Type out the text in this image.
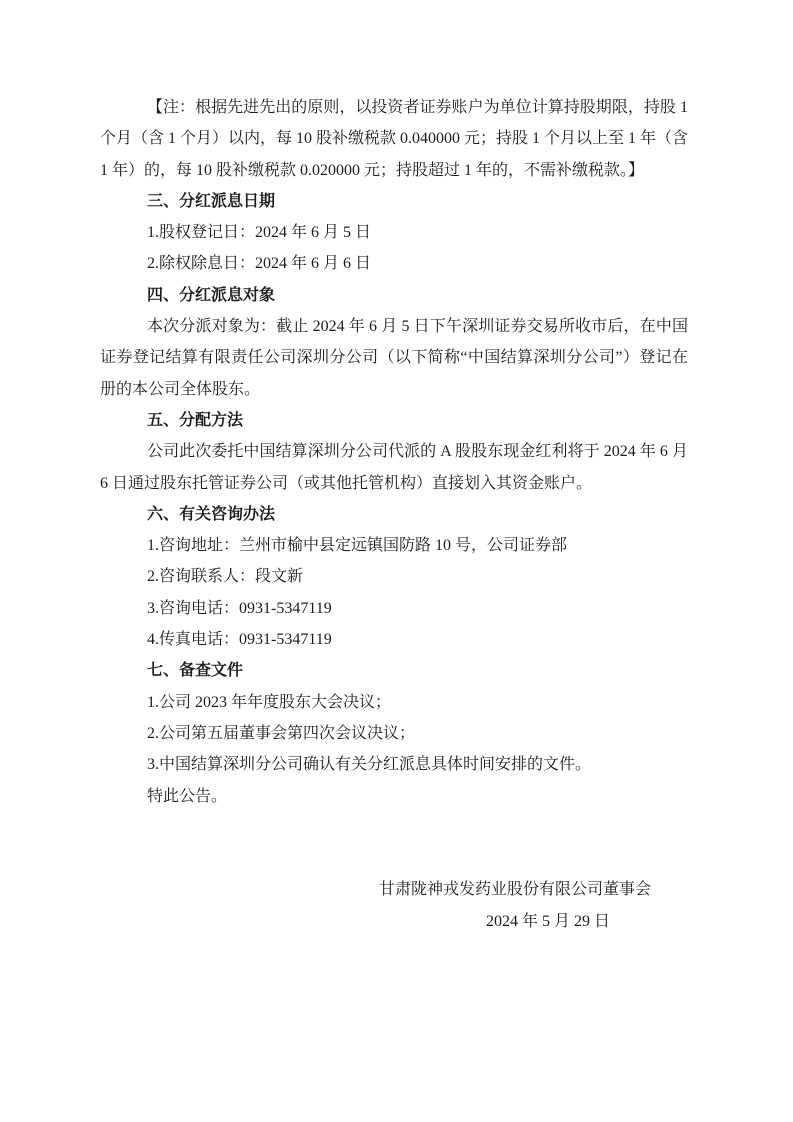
【注：根据先进先出的原则，以投资者证券账户为单位计算持股期限，持股 1 个月（含 1 个月）以内，每 10 股补缴税款 0.040000 元；持股 1 个月以上至 1 年（含 1 年）的，每 10 股补缴税款 0.020000 元；持股超过 1 年的，不需补缴税款。】

三、分红派息日期

1.股权登记日：2024 年 6 月 5 日

2.除权除息日：2024 年 6 月 6 日

四、分红派息对象

本次分派对象为：截止 2024 年 6 月 5 日下午深圳证券交易所收市后，在中国证券登记结算有限责任公司深圳分公司（以下简称“中国结算深圳分公司”）登记在册的本公司全体股东。

五、分配方法

公司此次委托中国结算深圳分公司代派的 A 股股东现金红利将于 2024 年 6 月 6 日通过股东托管证券公司（或其他托管机构）直接划入其资金账户。

六、有关咨询办法

1.咨询地址：兰州市榆中县定远镇国防路 10 号，公司证券部

2.咨询联系人：段文新

3.咨询电话：0931-5347119

4.传真电话：0931-5347119

七、备查文件

1.公司 2023 年年度股东大会决议；

2.公司第五届董事会第四次会议决议；

3.中国结算深圳分公司确认有关分红派息具体时间安排的文件。

特此公告。

甘肃陇神戎发药业股份有限公司董事会

2024 年 5 月 29 日
